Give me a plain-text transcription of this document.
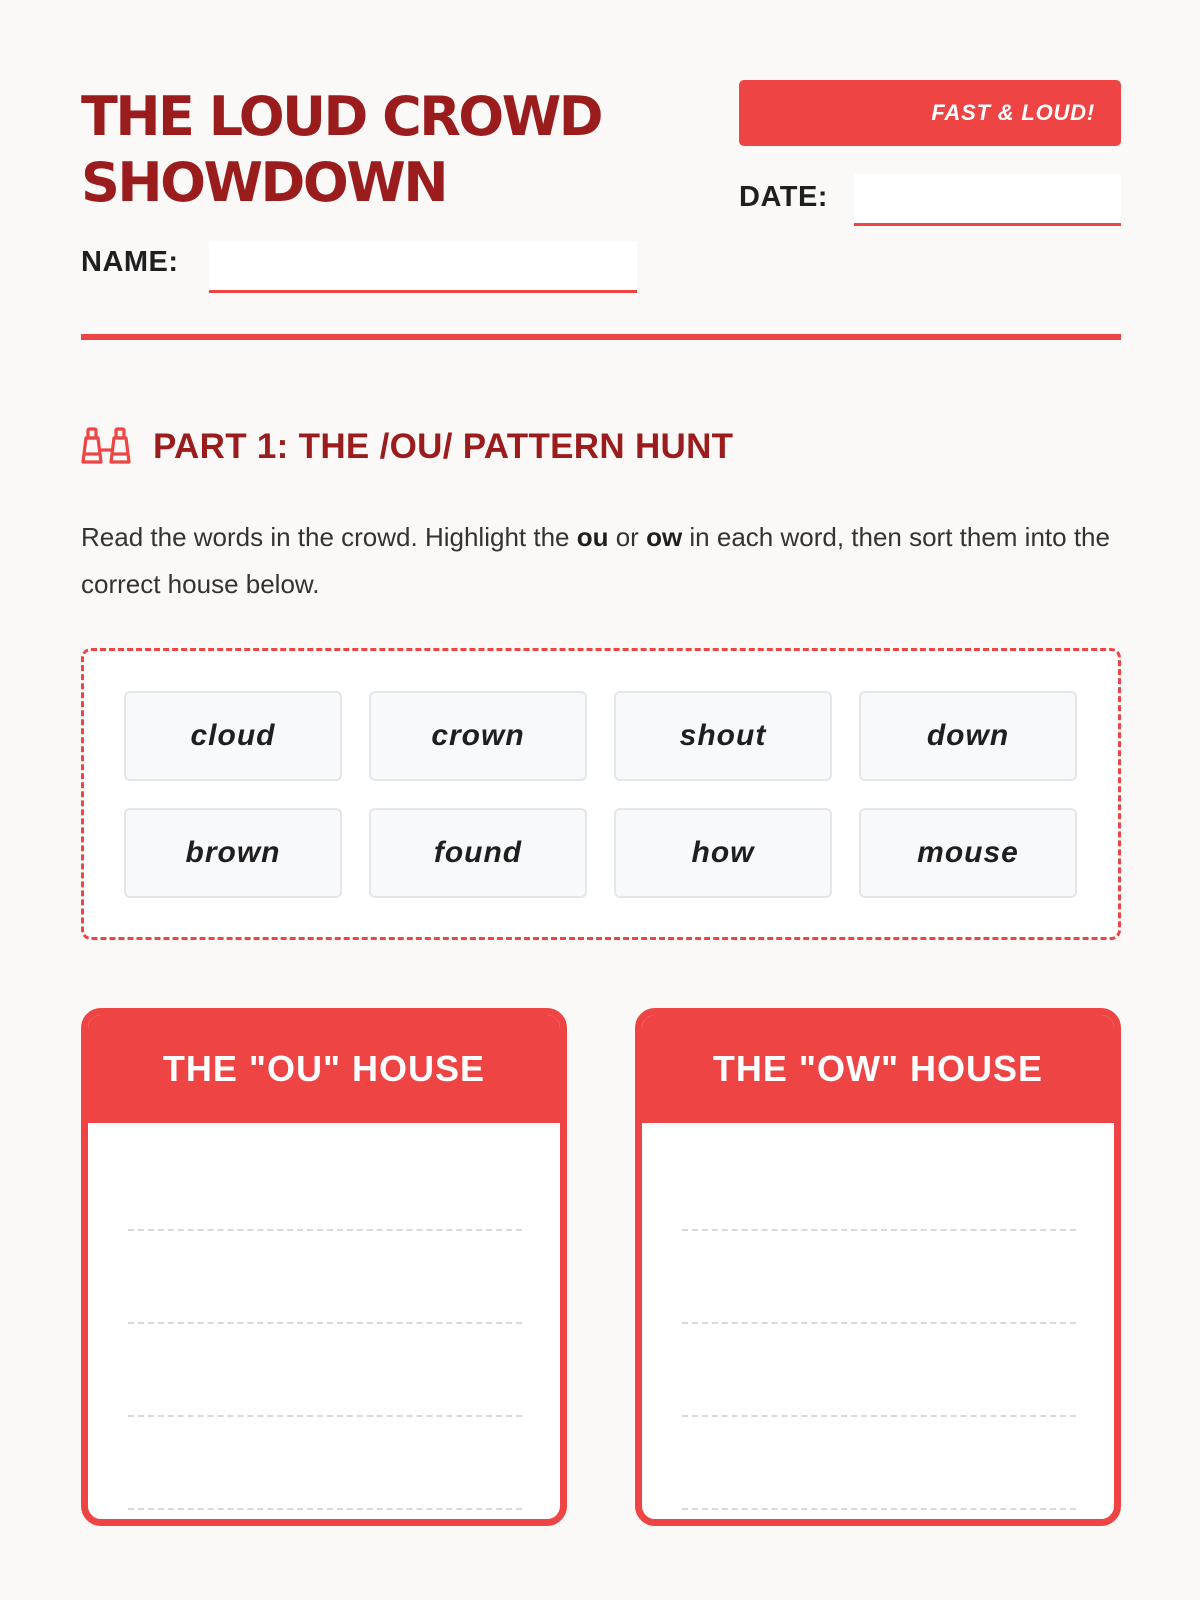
THE LOUD CROWD
SHOWDOWN
FAST & LOUD!
NAME:
DATE:
PART 1: THE /OU/ PATTERN HUNT

Read the words in the crowd. Highlight the ou or ow in each word, then sort them into the correct house below.

cloud	crown	shout	down
brown	found	how	mouse
THE "OU" HOUSE	THE "OW" HOUSE
